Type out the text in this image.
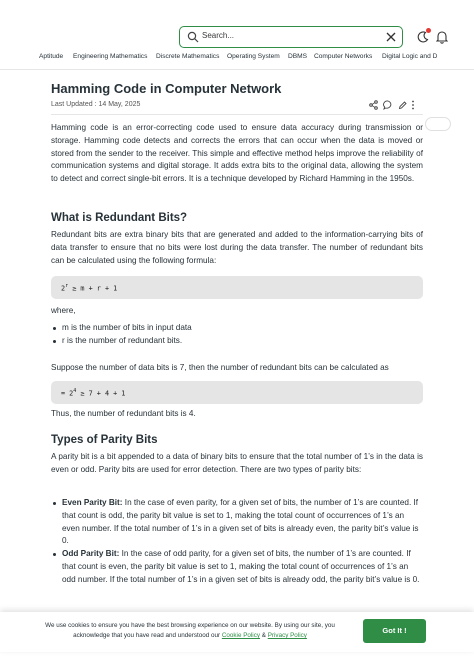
Search...
Aptitude Engineering Mathematics Discrete Mathematics Operating System DBMS Computer Networks Digital Logic and D
Hamming Code in Computer Network
Last Updated : 14 May, 2025

Hamming code is an error-correcting code used to ensure data accuracy during transmission or storage. Hamming code detects and corrects the errors that can occur when the data is moved or stored from the sender to the receiver. This simple and effective method helps improve the reliability of communication systems and digital storage. It adds extra bits to the original data, allowing the system to detect and correct single-bit errors. It is a technique developed by Richard Hamming in the 1950s.

What is Redundant Bits?

Redundant bits are extra binary bits that are generated and added to the information-carrying bits of data transfer to ensure that no bits were lost during the data transfer. The number of redundant bits can be calculated using the following formula:

$2^r \ge m + r + 1$

where,

m is the number of bits in input data
r is the number of redundant bits.

Suppose the number of data bits is 7, then the number of redundant bits can be calculated as

= $2^4 \ge 7 + 4 + 1$

Thus, the number of redundant bits is 4.

Types of Parity Bits

A parity bit is a bit appended to a data of binary bits to ensure that the total number of 1’s in the data is even or odd. Parity bits are used for error detection. There are two types of parity bits:

Even Parity Bit: In the case of even parity, for a given set of bits, the number of 1’s are counted. If that count is odd, the parity bit value is set to 1, making the total count of occurrences of 1’s an even number. If the total number of 1’s in a given set of bits is already even, the parity bit’s value is 0.
Odd Parity Bit: In the case of odd parity, for a given set of bits, the number of 1’s are counted. If that count is even, the parity bit value is set to 1, making the total count of occurrences of 1’s an odd number. If the total number of 1’s in a given set of bits is already odd, the parity bit’s value is 0.
We use cookies to ensure you have the best browsing experience on our website. By using our site, you acknowledge that you have read and understood our Cookie Policy & Privacy Policy
Got It !
